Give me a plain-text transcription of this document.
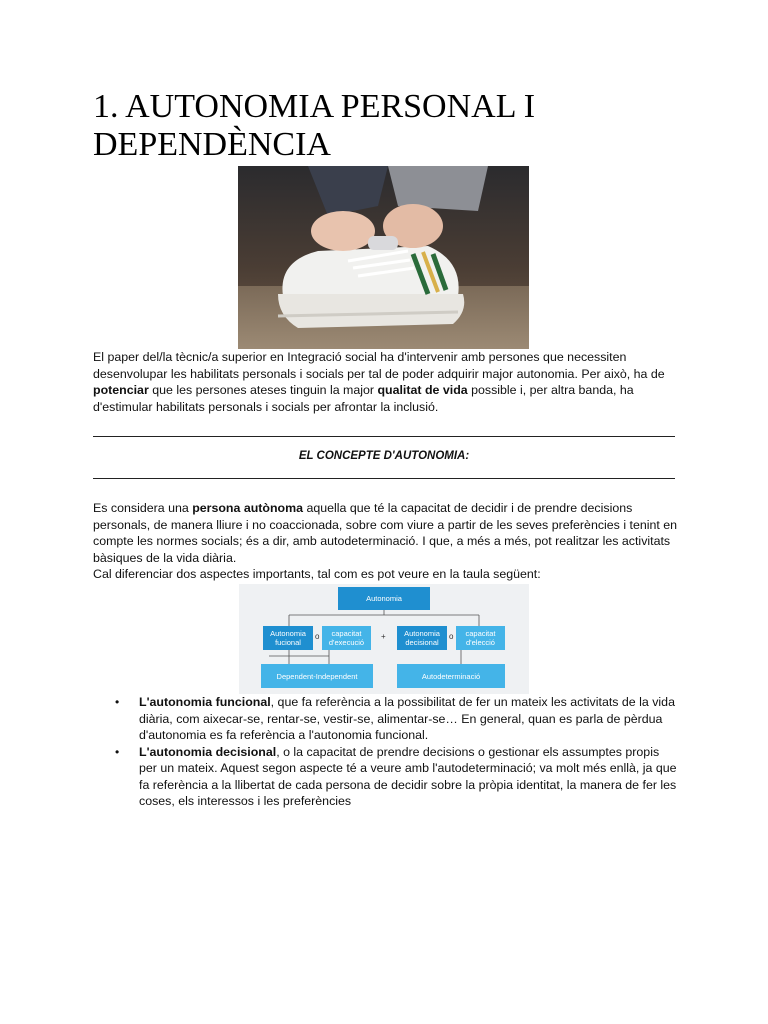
1. AUTONOMIA PERSONAL I DEPENDÈNCIA

El paper del/la tècnic/a superior en Integració social ha d'intervenir amb persones que necessiten desenvolupar les habilitats personals i socials per tal de poder adquirir major autonomia. Per això, ha de potenciar que les persones ateses tinguin la major qualitat de vida possible i, per altra banda, ha d'estimular habilitats personals i socials per afrontar la inclusió.

EL CONCEPTE D'AUTONOMIA:

Es considera una persona autònoma aquella que té la capacitat de decidir i de prendre decisions personals, de manera lliure i no coaccionada, sobre com viure a partir de les seves preferències i tenint en compte les normes socials; és a dir, amb autodeterminació. I que, a més a més, pot realitzar les activitats bàsiques de la vida diària.
Cal diferenciar dos aspectes importants, tal com es pot veure en la taula següent:

Autonomia
Autonomia fucional
o	capacitat d'execució
+	Autonomia decisional
o	capacitat d'elecció
Dependent-Independent	Autodeterminació
• L'autonomia funcional, que fa referència a la possibilitat de fer un mateix les activitats de la vida diària, com aixecar-se, rentar-se, vestir-se, alimentar-se… En general, quan es parla de pèrdua d'autonomia es fa referència a l'autonomia funcional.
• L'autonomia decisional, o la capacitat de prendre decisions o gestionar els assumptes propis per un mateix. Aquest segon aspecte té a veure amb l'autodeterminació; va molt més enllà, ja que fa referència a la llibertat de cada persona de decidir sobre la pròpia identitat, la manera de fer les coses, els interessos i les preferències
